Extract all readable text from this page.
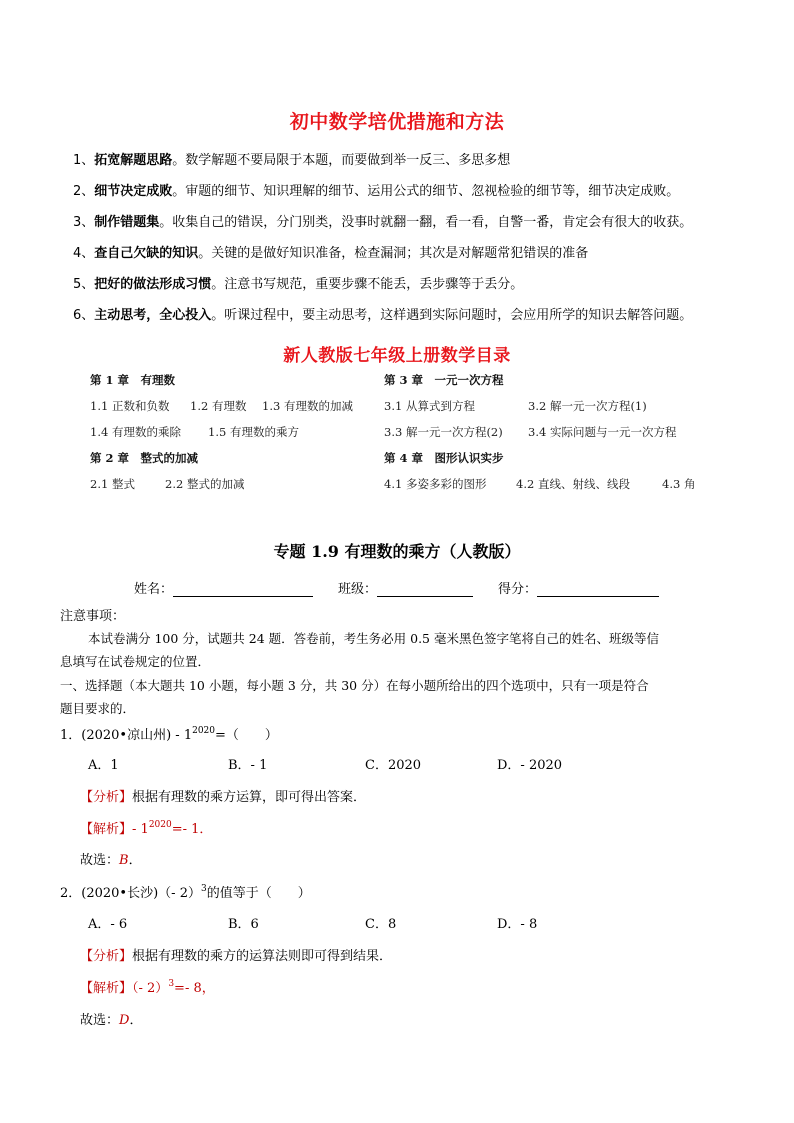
初中数学培优措施和方法
1、拓宽解题思路。数学解题不要局限于本题，而要做到举一反三、多思多想
2、细节决定成败。审题的细节、知识理解的细节、运用公式的细节、忽视检验的细节等，细节决定成败。
3、制作错题集。收集自己的错误，分门别类，没事时就翻一翻，看一看，自警一番，肯定会有很大的收获。
4、查自己欠缺的知识。关键的是做好知识准备，检查漏洞；其次是对解题常犯错误的准备
5、把好的做法形成习惯。注意书写规范，重要步骤不能丢，丢步骤等于丢分。
6、主动思考，全心投入。听课过程中，要主动思考，这样遇到实际问题时，会应用所学的知识去解答问题。
新人教版七年级上册数学目录
第 1 章　有理数
1.1 正数和负数 1.2 有理数 1.3 有理数的加减
1.4 有理数的乘除 1.5 有理数的乘方
第 2 章　整式的加减
2.1 整式	2.2 整式的加减
第 3 章　一元一次方程
3.1 从算式到方程	3.2 解一元一次方程(1)
3.3 解一元一次方程(2) 3.4 实际问题与一元一次方程
第 4 章　图形认识实步
4.1 多姿多彩的图形	4.2 直线、射线、线段	4.3 角
专题 1.9 有理数的乘方（人教版）
姓名：	班级：	得分：
注意事项：
本试卷满分 100 分，试题共 24 题．答卷前，考生务必用 0.5 毫米黑色签字笔将自己的姓名、班级等信
息填写在试卷规定的位置．
一、选择题（本大题共 10 小题，每小题 3 分，共 30 分）在每小题所给出的四个选项中，只有一项是符合
题目要求的．
1．(2020•凉山州) - $1^{2020}=$（　　）
A．1	B．- 1	C．2020	D．- 2020
【分析】根据有理数的乘方运算，即可得出答案．
【解析】- $1^{2020}=-$ 1．
故选：B．
2．(2020•长沙)（- 2）$^3$的值等于（　　）
A．- 6	B．6	C．8	D．- 8
【分析】根据有理数的乘方的运算法则即可得到结果．
【解析】（- 2）$^3$=- 8，
故选：D．
